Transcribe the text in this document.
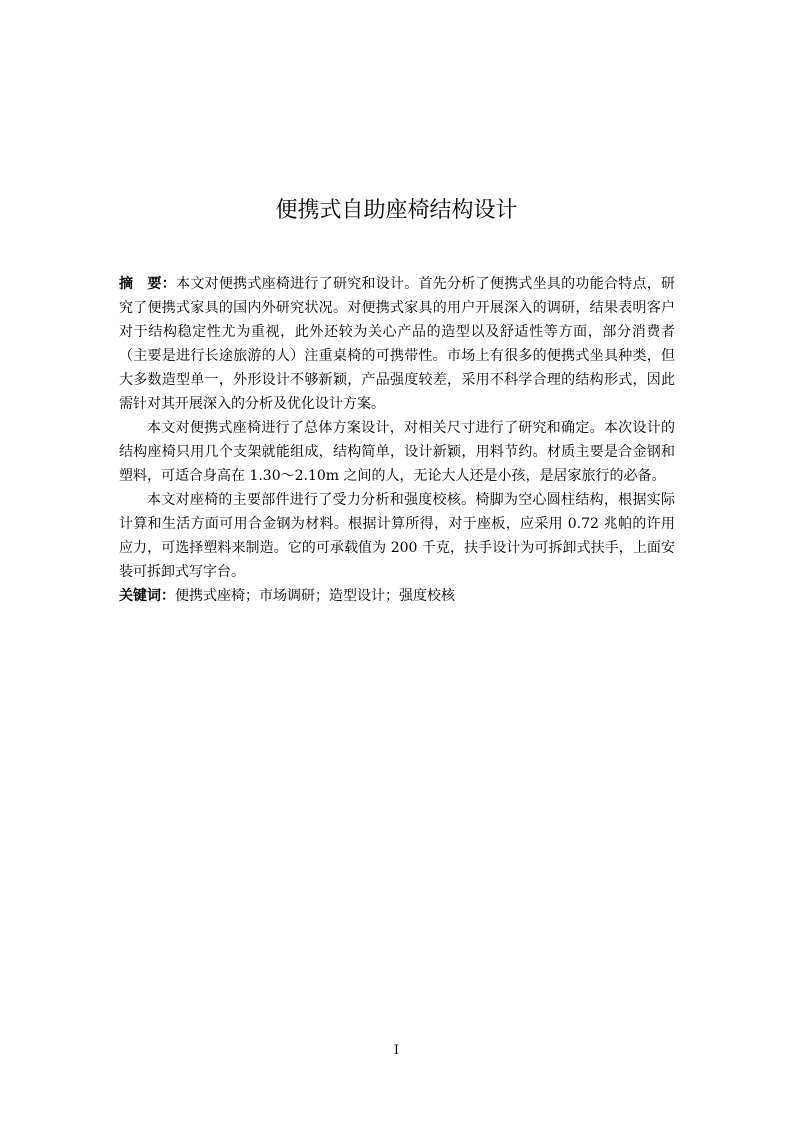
便携式自助座椅结构设计

摘　要：本文对便携式座椅进行了研究和设计。首先分析了便携式坐具的功能合特点，研究了便携式家具的国内外研究状况。对便携式家具的用户开展深入的调研，结果表明客户对于结构稳定性尤为重视，此外还较为关心产品的造型以及舒适性等方面，部分消费者（主要是进行长途旅游的人）注重桌椅的可携带性。市场上有很多的便携式坐具种类，但大多数造型单一，外形设计不够新颖，产品强度较差，采用不科学合理的结构形式，因此需针对其开展深入的分析及优化设计方案。

本文对便携式座椅进行了总体方案设计，对相关尺寸进行了研究和确定。本次设计的结构座椅只用几个支架就能组成，结构简单，设计新颖，用料节约。材质主要是合金钢和塑料，可适合身高在 1.30～2.10m 之间的人，无论大人还是小孩，是居家旅行的必备。

本文对座椅的主要部件进行了受力分析和强度校核。椅脚为空心圆柱结构，根据实际计算和生活方面可用合金钢为材料。根据计算所得，对于座板，应采用 0.72 兆帕的许用应力，可选择塑料来制造。它的可承载值为 200 千克，扶手设计为可拆卸式扶手，上面安装可拆卸式写字台。

关键词：便携式座椅；市场调研；造型设计；强度校核

I
